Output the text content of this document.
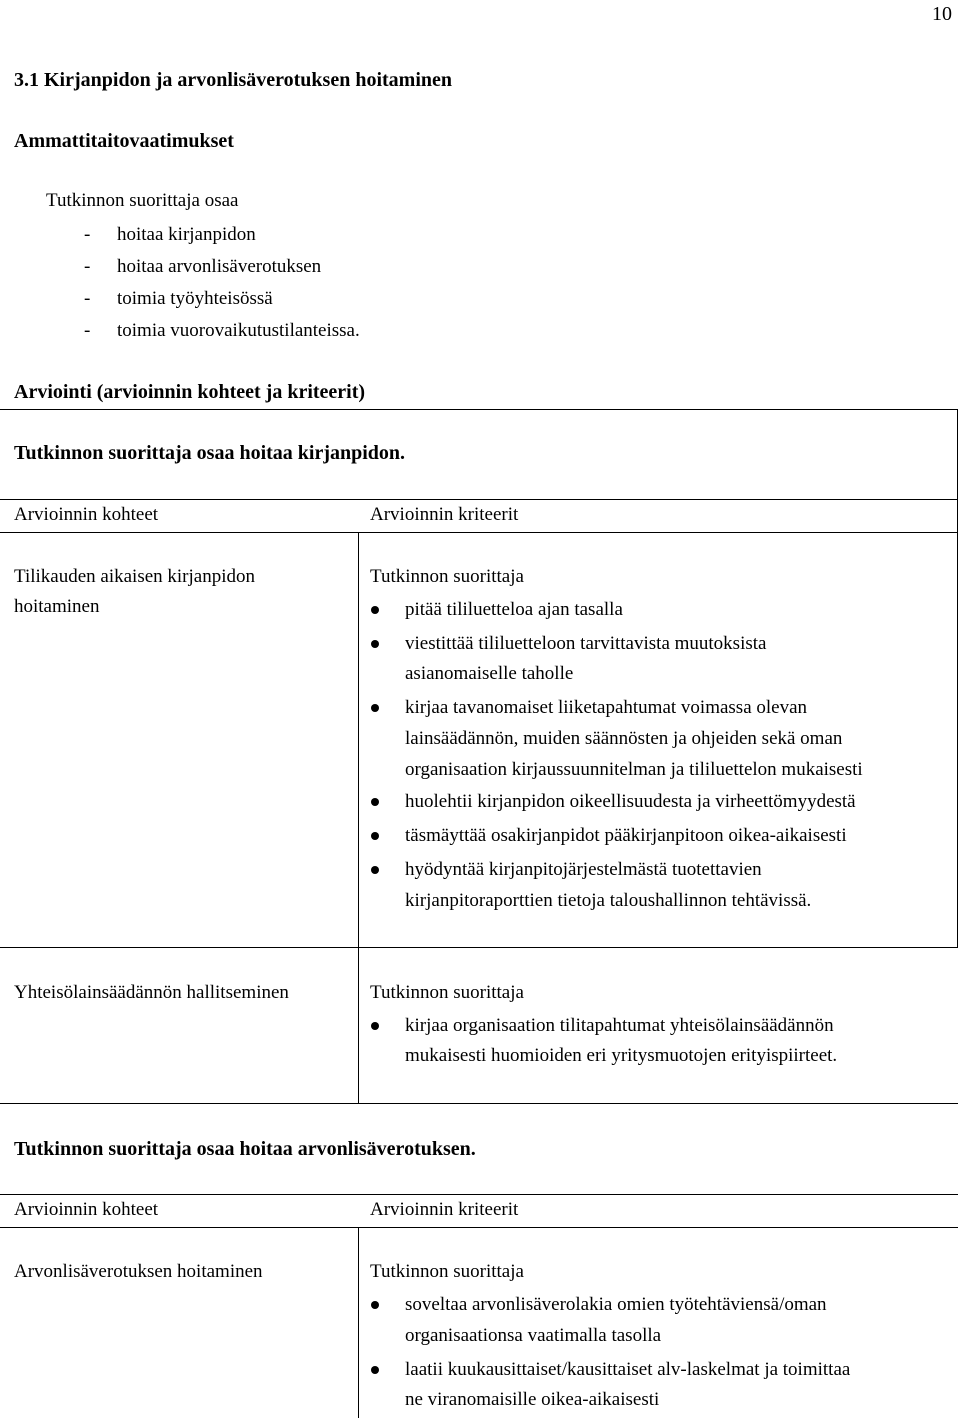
10
3.1 Kirjanpidon ja arvonlisäverotuksen hoitaminen
Ammattitaitovaatimukset
Tutkinnon suorittaja osaa
- hoitaa kirjanpidon
- hoitaa arvonlisäverotuksen
- toimia työyhteisössä
- toimia vuorovaikutustilanteissa.
Arviointi (arvioinnin kohteet ja kriteerit)
Tutkinnon suorittaja osaa hoitaa kirjanpidon.
Arvioinnin kohteet	Arvioinnin kriteerit
Tilikauden aikaisen kirjanpidon
hoitaminen
Tutkinnon suorittaja
pitää tililuetteloa ajan tasalla
viestittää tililuetteloon tarvittavista muutoksista
asianomaiselle taholle
kirjaa tavanomaiset liiketapahtumat voimassa olevan
lainsäädännön, muiden säännösten ja ohjeiden sekä oman
organisaation kirjaussuunnitelman ja tililuettelon mukaisesti
huolehtii kirjanpidon oikeellisuudesta ja virheettömyydestä
täsmäyttää osakirjanpidot pääkirjanpitoon oikea-aikaisesti
hyödyntää kirjanpitojärjestelmästä tuotettavien
kirjanpitoraporttien tietoja taloushallinnon tehtävissä.
Yhteisölainsäädännön hallitseminen	Tutkinnon suorittaja
kirjaa organisaation tilitapahtumat yhteisölainsäädännön
mukaisesti huomioiden eri yritysmuotojen erityispiirteet.
Tutkinnon suorittaja osaa hoitaa arvonlisäverotuksen.
Arvioinnin kohteet	Arvioinnin kriteerit
Arvonlisäverotuksen hoitaminen	Tutkinnon suorittaja
soveltaa arvonlisäverolakia omien työtehtäviensä/oman
organisaationsa vaatimalla tasolla
laatii kuukausittaiset/kausittaiset alv-laskelmat ja toimittaa
ne viranomaisille oikea-aikaisesti
